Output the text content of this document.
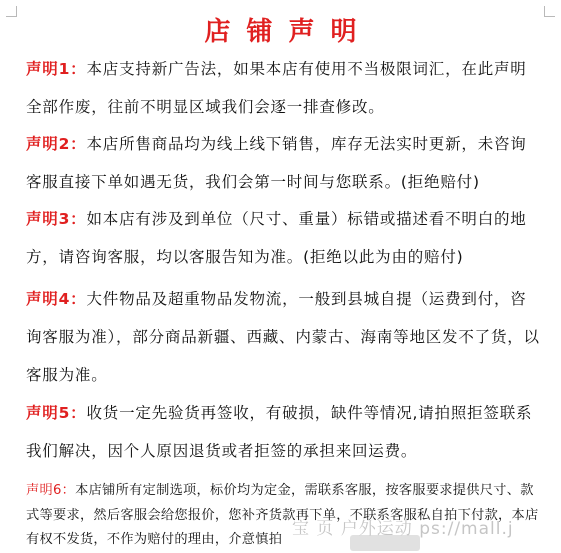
店铺声明
声明1：本店支持新广告法，如果本店有使用不当极限词汇，在此声明全部作废，往前不明显区域我们会逐一排查修改。
声明2：本店所售商品均为线上线下销售，库存无法实时更新，未咨询客服直接下单如遇无货，我们会第一时间与您联系。(拒绝赔付)
声明3：如本店有涉及到单位（尺寸、重量）标错或描述看不明白的地方，请咨询客服，均以客服告知为准。(拒绝以此为由的赔付)
声明4：大件物品及超重物品发物流，一般到县城自提（运费到付，咨询客服为准），部分商品新疆、西藏、内蒙古、海南等地区发不了货，以客服为准。
声明5：收货一定先验货再签收，有破损，缺件等情况,请拍照拒签联系我们解决，因个人原因退货或者拒签的承担来回运费。
声明6：本店铺所有定制选项，标价均为定金，需联系客服，按客服要求提供尺寸、款式等要求，然后客服会给您报价，您补齐货款再下单，不联系客服私自拍下付款，本店有权不发货，不作为赔付的理由，介意慎拍
宝 页 户外运动 ps://mall.j
